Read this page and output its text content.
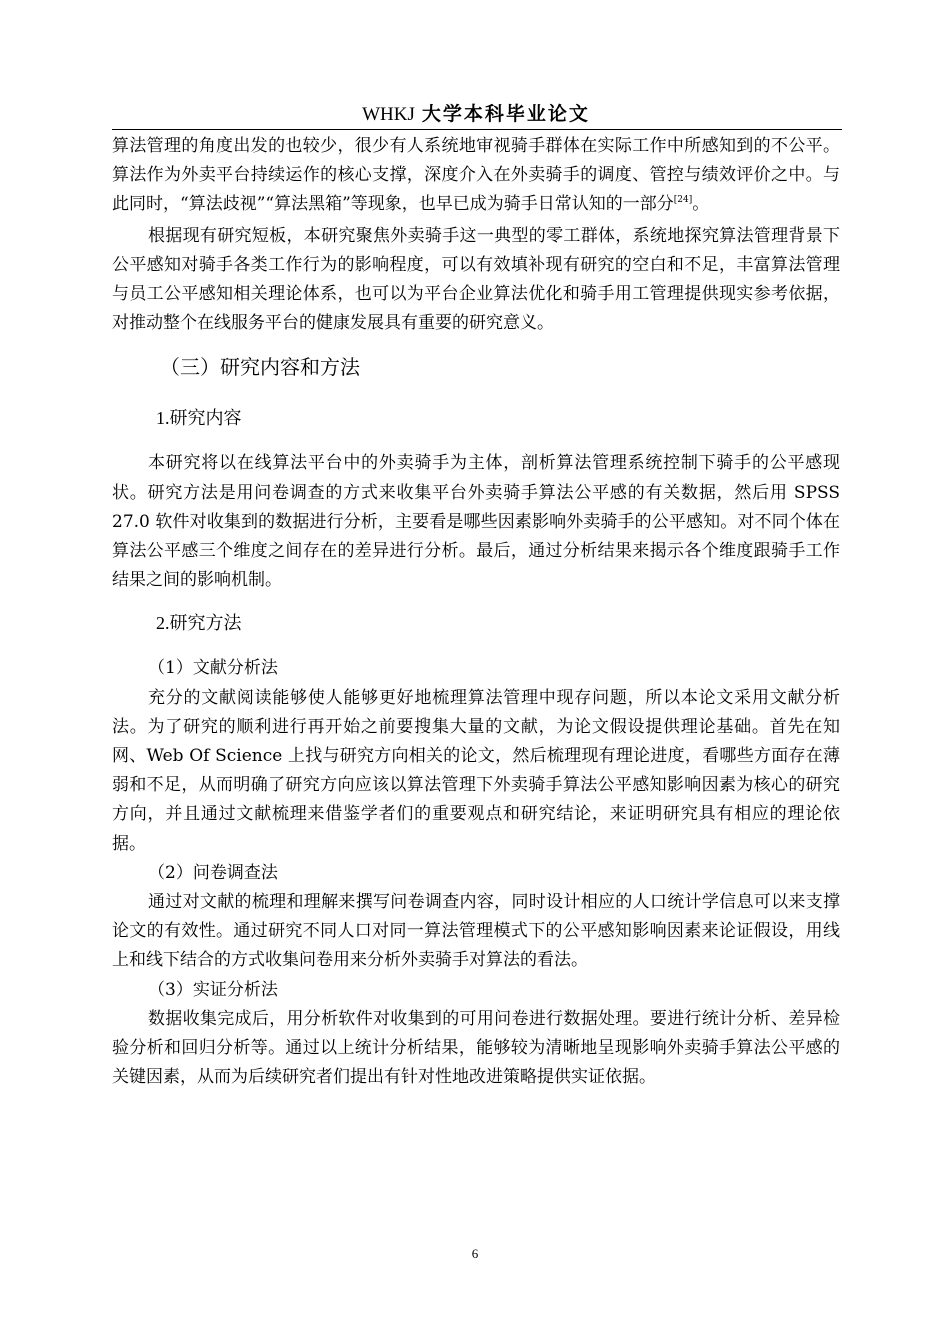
WHKJ 大学本科毕业论文

算法管理的角度出发的也较少，很少有人系统地审视骑手群体在实际工作中所感知到的不公平。算法作为外卖平台持续运作的核心支撑，深度介入在外卖骑手的调度、管控与绩效评价之中。与此同时，“算法歧视”“算法黑箱”等现象，也早已成为骑手日常认知的一部分[24]。

根据现有研究短板，本研究聚焦外卖骑手这一典型的零工群体，系统地探究算法管理背景下公平感知对骑手各类工作行为的影响程度，可以有效填补现有研究的空白和不足，丰富算法管理与员工公平感知相关理论体系，也可以为平台企业算法优化和骑手用工管理提供现实参考依据，对推动整个在线服务平台的健康发展具有重要的研究意义。

（三）研究内容和方法
1.研究内容

本研究将以在线算法平台中的外卖骑手为主体，剖析算法管理系统控制下骑手的公平感现状。研究方法是用问卷调查的方式来收集平台外卖骑手算法公平感的有关数据，然后用 SPSS 27.0 软件对收集到的数据进行分析，主要看是哪些因素影响外卖骑手的公平感知。对不同个体在算法公平感三个维度之间存在的差异进行分析。最后，通过分析结果来揭示各个维度跟骑手工作结果之间的影响机制。

2.研究方法

（1）文献分析法

充分的文献阅读能够使人能够更好地梳理算法管理中现存问题，所以本论文采用文献分析法。为了研究的顺利进行再开始之前要搜集大量的文献，为论文假设提供理论基础。首先在知网、Web Of Science 上找与研究方向相关的论文，然后梳理现有理论进度，看哪些方面存在薄弱和不足，从而明确了研究方向应该以算法管理下外卖骑手算法公平感知影响因素为核心的研究方向，并且通过文献梳理来借鉴学者们的重要观点和研究结论，来证明研究具有相应的理论依据。

（2）问卷调查法

通过对文献的梳理和理解来撰写问卷调查内容，同时设计相应的人口统计学信息可以来支撑论文的有效性。通过研究不同人口对同一算法管理模式下的公平感知影响因素来论证假设，用线上和线下结合的方式收集问卷用来分析外卖骑手对算法的看法。

（3）实证分析法

数据收集完成后，用分析软件对收集到的可用问卷进行数据处理。要进行统计分析、差异检验分析和回归分析等。通过以上统计分析结果，能够较为清晰地呈现影响外卖骑手算法公平感的关键因素，从而为后续研究者们提出有针对性地改进策略提供实证依据。

6
